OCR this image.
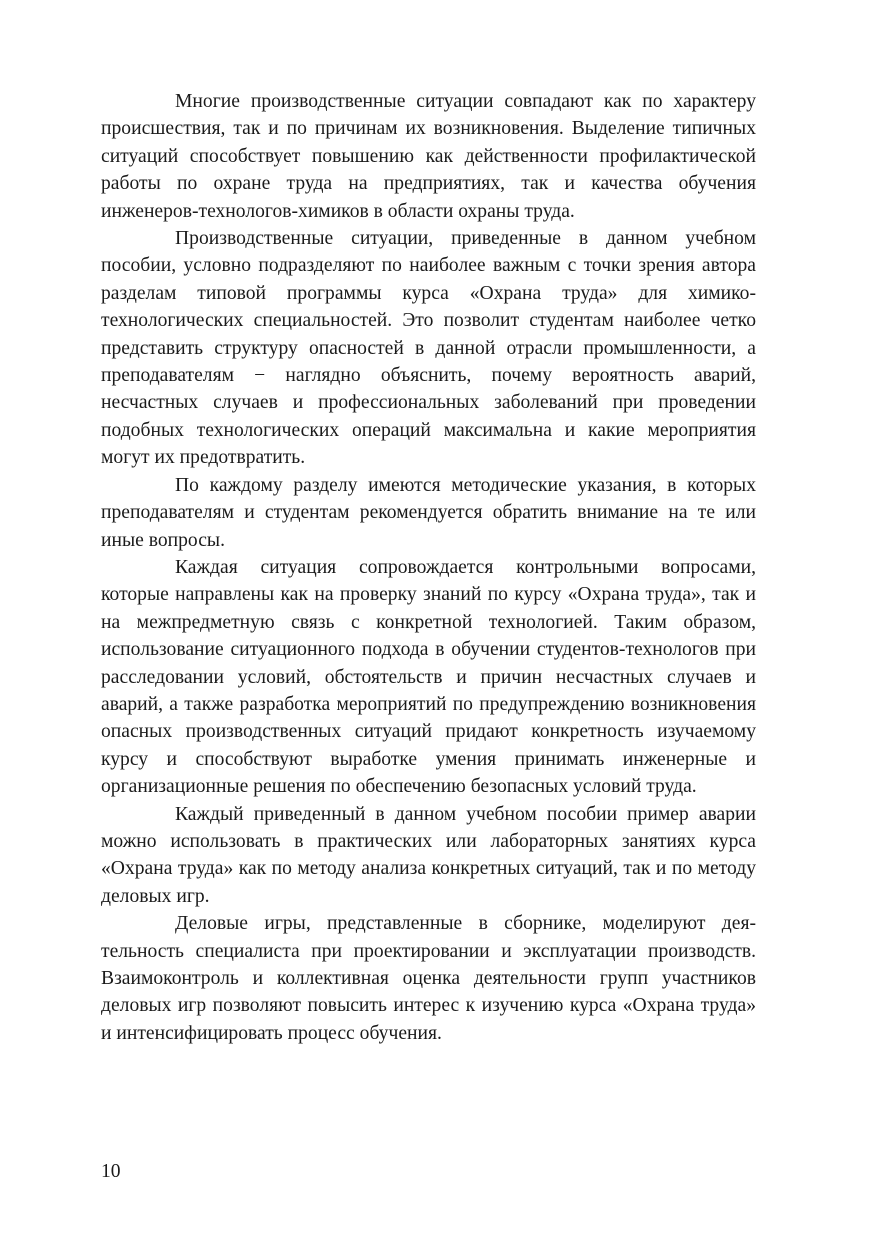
Многие производственные ситуации совпадают как по характеру происшествия, так и по причинам их возникновения. Выделение типичных ситуаций способствует повышению как действенности профилактической работы по охране труда на предприятиях, так и качества обучения инженеров-технологов-химиков в области охраны труда.

Производственные ситуации, приведенные в данном учебном пособии, условно подразделяют по наиболее важным с точки зрения автора разделам типовой программы курса «Охрана труда» для химико-технологических специальностей. Это позволит студентам наиболее четко представить структуру опасностей в данной отрасли промышленности, а преподавателям − наглядно объяснить, почему вероятность аварий, несчастных случаев и профессиональных заболеваний при проведении подобных технологических операций максимальна и какие мероприятия могут их предотвратить.

По каждому разделу имеются методические указания, в которых преподавателям и студентам рекомендуется обратить внимание на те или иные вопросы.

Каждая ситуация сопровождается контрольными вопросами, которые направлены как на проверку знаний по курсу «Охрана труда», так и на межпредметную связь с конкретной технологией. Таким образом, использование ситуационного подхода в обучении студентов-технологов при расследовании условий, обстоятельств и причин несчастных случаев и аварий, а также разработка мероприятий по предупреждению возникновения опасных производственных ситуаций придают конкретность изучаемому курсу и способствуют выработке умения принимать инженерные и организационные решения по обеспечению безопасных условий труда.

Каждый приведенный в данном учебном пособии пример аварии можно использовать в практических или лабораторных занятиях курса «Охрана труда» как по методу анализа конкретных ситуаций, так и по методу деловых игр.

Деловые игры, представленные в сборнике, моделируют деятельность специалиста при проектировании и эксплуатации производств. Взаимоконтроль и коллективная оценка деятельности групп участников деловых игр позволяют повысить интерес к изучению курса «Охрана труда» и интенсифицировать процесс обучения.

10
